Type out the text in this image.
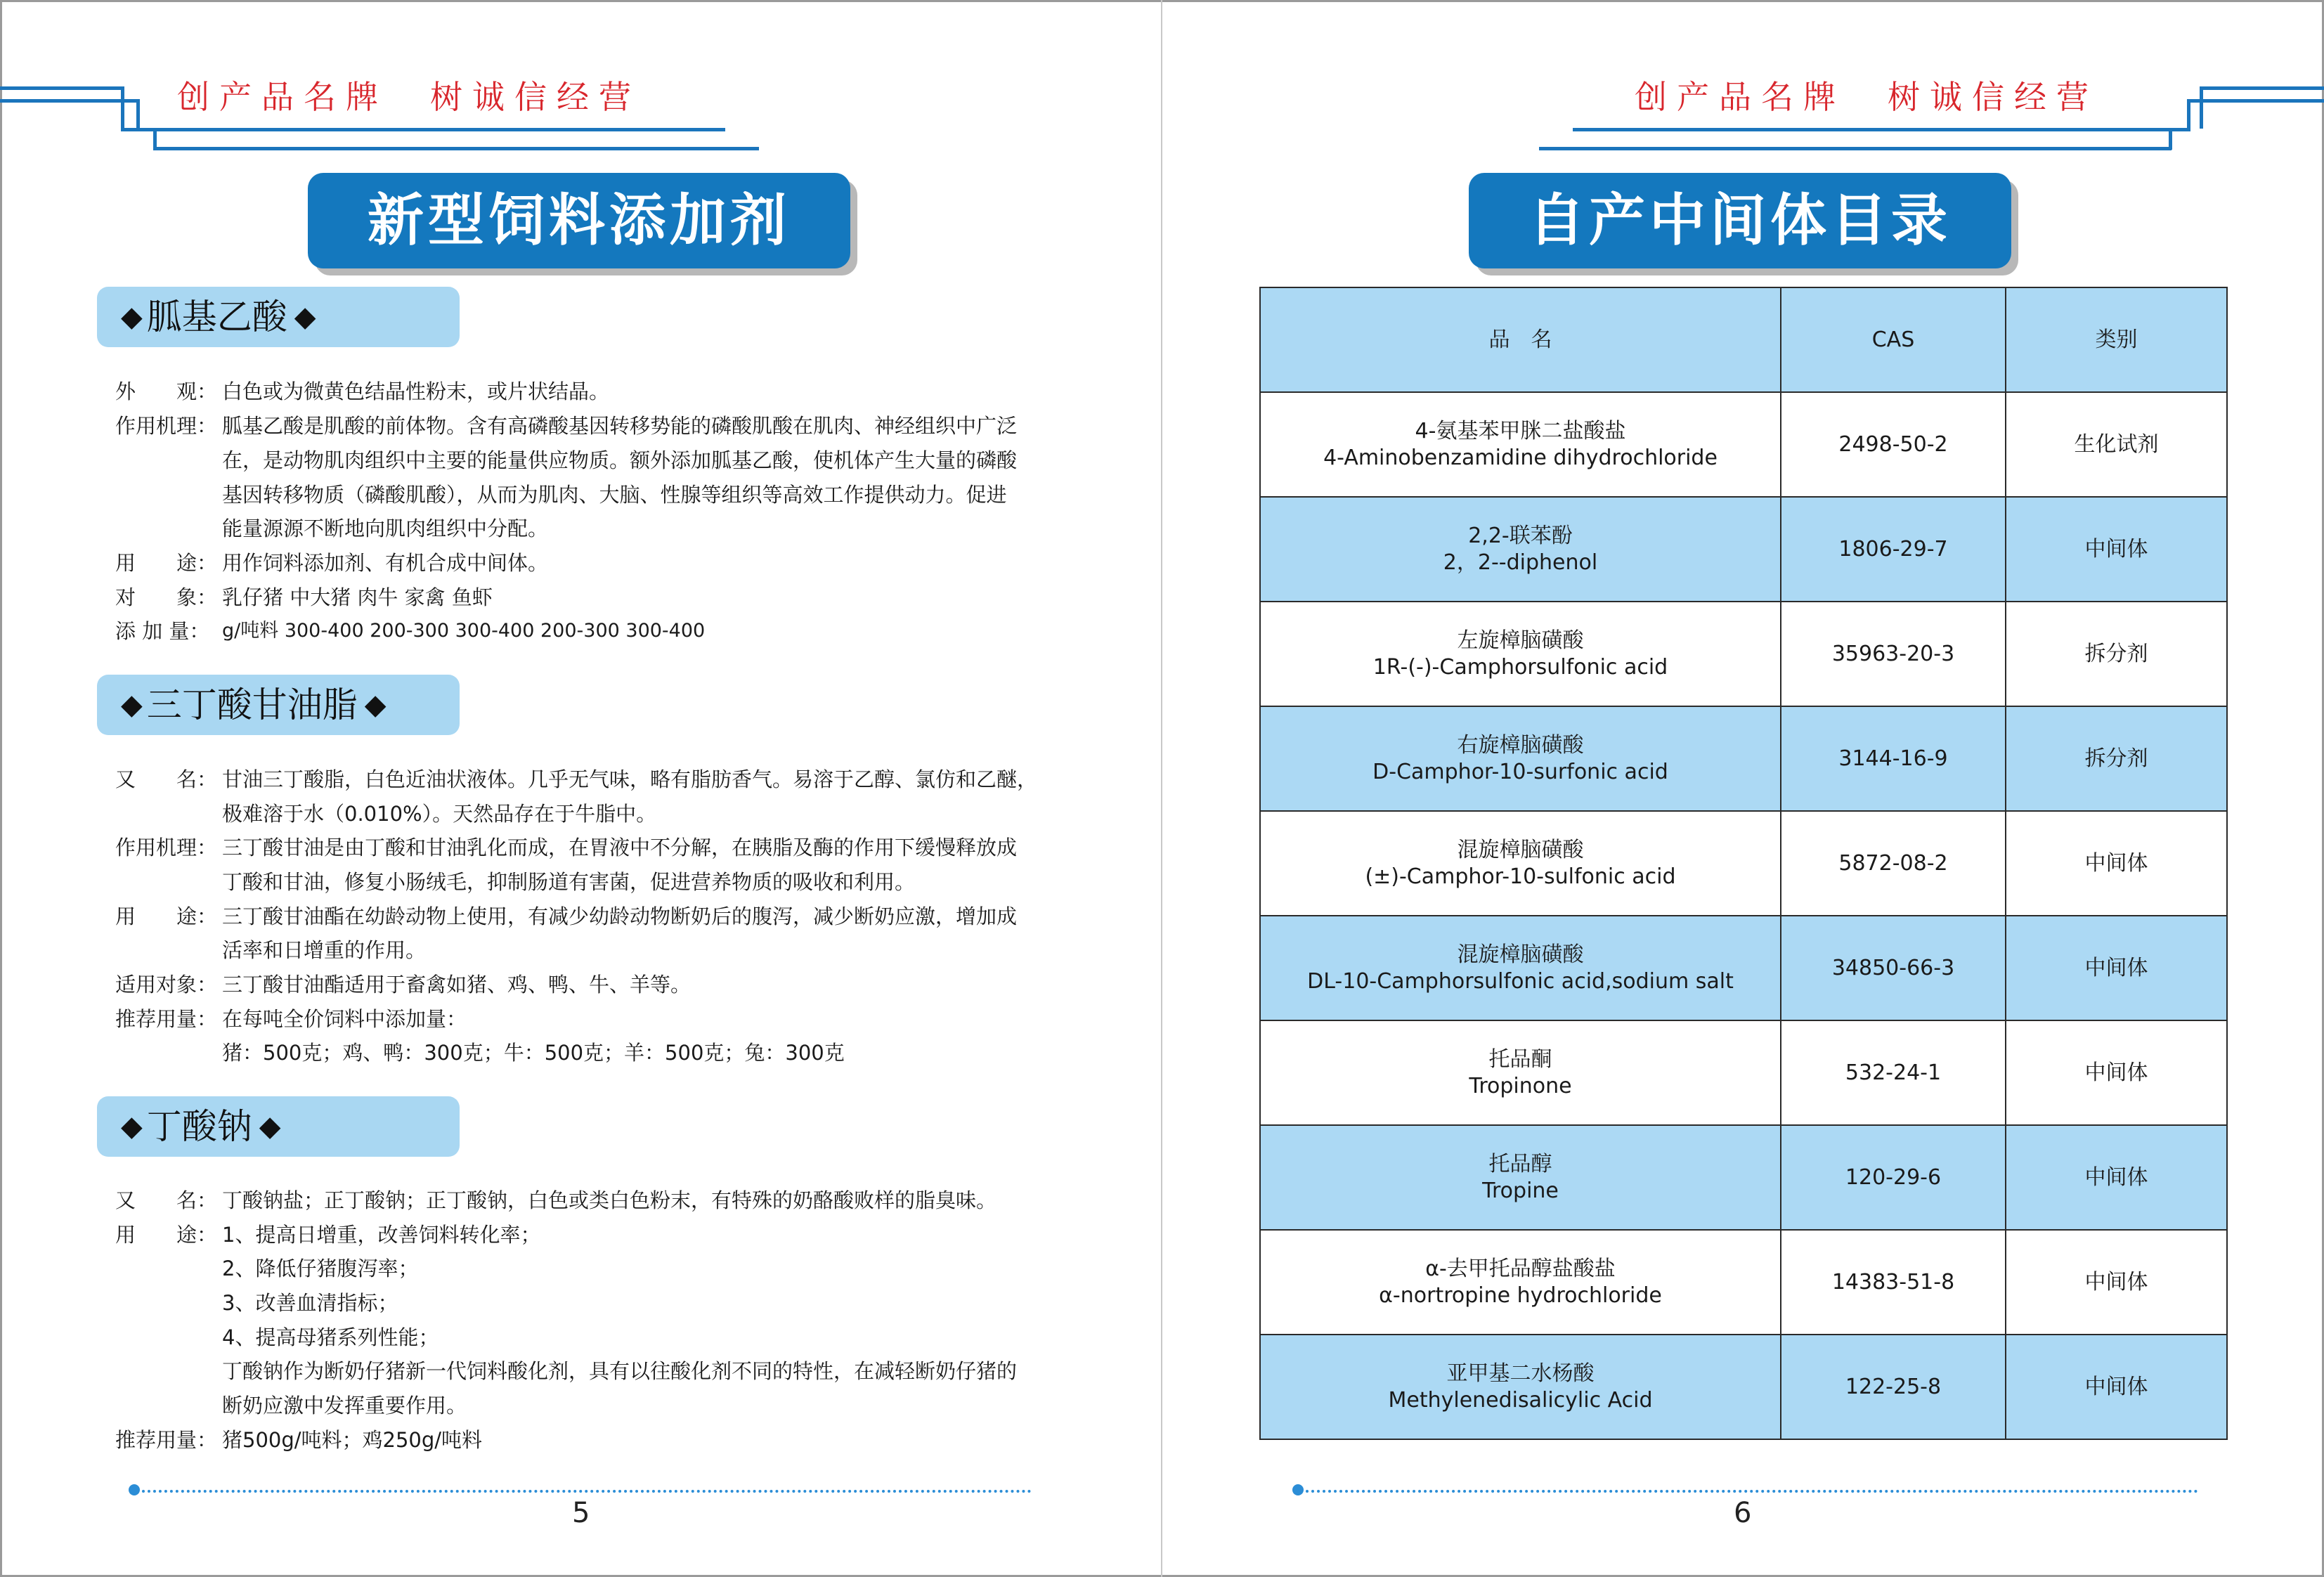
创产品名牌 树诚信经营
新型饲料添加剂
◆ 胍基乙酸 ◆
外　　观： 白色或为微黄色结晶性粉末，或片状结晶。
作用机理： 胍基乙酸是肌酸的前体物。含有高磷酸基因转移势能的磷酸肌酸在肌肉、神经组织中广泛
在，是动物肌肉组织中主要的能量供应物质。额外添加胍基乙酸，使机体产生大量的磷酸
基因转移物质（磷酸肌酸），从而为肌肉、大脑、性腺等组织等高效工作提供动力。促进
能量源源不断地向肌肉组织中分配。
用　　途： 用作饲料添加剂、有机合成中间体。
对　　象： 乳仔猪 中大猪 肉牛 家禽 鱼虾
添 加 量： g/吨料 300-400 200-300 300-400 200-300 300-400
◆ 三丁酸甘油脂 ◆
又　　名： 甘油三丁酸脂，白色近油状液体。几乎无气味，略有脂肪香气。易溶于乙醇、氯仿和乙醚，
极难溶于水（0.010%）。天然品存在于牛脂中。
作用机理： 三丁酸甘油是由丁酸和甘油乳化而成，在胃液中不分解，在胰脂及酶的作用下缓慢释放成
丁酸和甘油，修复小肠绒毛，抑制肠道有害菌，促进营养物质的吸收和利用。
用　　途： 三丁酸甘油酯在幼龄动物上使用，有减少幼龄动物断奶后的腹泻，减少断奶应激，增加成
活率和日增重的作用。
适用对象： 三丁酸甘油酯适用于畜禽如猪、鸡、鸭、牛、羊等。
推荐用量： 在每吨全价饲料中添加量：
猪：500克；鸡、鸭：300克；牛：500克；羊：500克；兔：300克
◆ 丁酸钠 ◆
又　　名： 丁酸钠盐；正丁酸钠；正丁酸钠，白色或类白色粉末，有特殊的奶酪酸败样的脂臭味。
用　　途： 1、提高日增重，改善饲料转化率；
2、降低仔猪腹泻率；
3、改善血清指标；
4、提高母猪系列性能；
丁酸钠作为断奶仔猪新一代饲料酸化剂，具有以往酸化剂不同的特性，在减轻断奶仔猪的
断奶应激中发挥重要作用。
推荐用量： 猪500g/吨料；鸡250g/吨料
5
创产品名牌 树诚信经营
自产中间体目录
6
品　名	CAS	类别

4-氨基苯甲脒二盐酸盐
4-Aminobenzamidine dihydrochloride	2498-50-2	生化试剂

2,2-联苯酚
2，2--diphenol	1806-29-7	中间体

左旋樟脑磺酸
1R-(-)-Camphorsulfonic acid	35963-20-3	拆分剂

右旋樟脑磺酸
D-Camphor-10-surfonic acid	3144-16-9	拆分剂

混旋樟脑磺酸
(±)-Camphor-10-sulfonic acid	5872-08-2	中间体

混旋樟脑磺酸
DL-10-Camphorsulfonic acid,sodium salt	34850-66-3	中间体

托品酮
Tropinone	532-24-1	中间体

托品醇
Tropine	120-29-6	中间体

α-去甲托品醇盐酸盐
α-nortropine hydrochloride	14383-51-8	中间体

亚甲基二水杨酸
Methylenedisalicylic Acid	122-25-8	中间体
